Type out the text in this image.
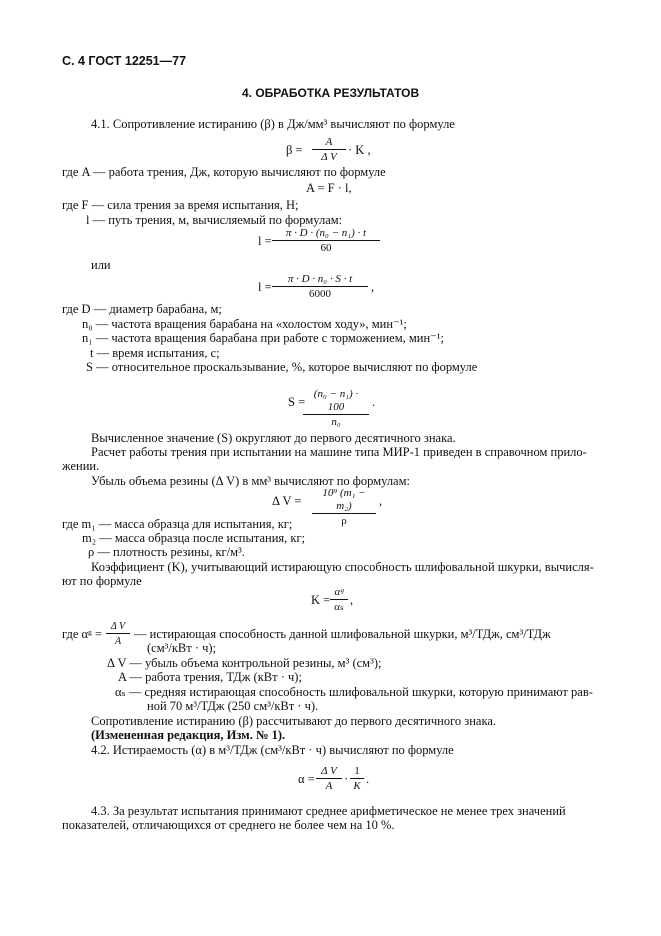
С. 4 ГОСТ 12251—77
4. ОБРАБОТКА РЕЗУЛЬТАТОВ
4.1. Сопротивление истиранию (β) в Дж/мм³ вычисляют по формуле
$\beta = \frac{A}{\text{Δ V}} \cdot K$ ,
где A — работа трения, Дж, которую вычисляют по формуле
A = F · l,
где F — сила трения за время испытания, Н;
l — путь трения, м, вычисляемый по формулам:
$l = \frac{\text{π · D · (n₀ − n₁) · t}}{60}$
или
$l = \frac{\text{π · D · n₀ · S · t}}{6000}$ ,
где D — диаметр барабана, м;
n₀ — частота вращения барабана на «холостом ходу», мин⁻¹;
n₁ — частота вращения барабана при работе с торможением, мин⁻¹;
t — время испытания, с;
S — относительное проскальзывание, %, которое вычисляют по формуле
S =
$\frac{\text{(n₀ − n₁) · 100}}{\text{n₀}}$ .
Вычисленное значение (S) округляют до первого десятичного знака.
Расчет работы трения при испытании на машине типа МИР-1 приведен в справочном прило-
жении.
Убыль объема резины (Δ V) в мм³ вычисляют по формулам:
Δ $V = \frac{\text{10⁹ (m₁ − m₂)}}{\rho}$ ,
где m₁ — масса образца для испытания, кг;
m₂ — масса образца после испытания, кг;
ρ — плотность резины, кг/м³.
Коэффициент (K), учитывающий истирающую способность шлифовальной шкурки, вычисля-
ют по формуле
$K = \frac{\text{αᵍ}}{\text{αₛ}}$ ,
где αᵍ = $\frac{\text{Δ V}}{A}$ — истирающая способность данной шлифовальной шкурки, м³/ТДж, см³/ТДж
(см³/кВт · ч);
Δ V — убыль объема контрольной резины, м³ (см³);
A — работа трения, ТДж (кВт · ч);
αₛ — средняя истирающая способность шлифовальной шкурки, которую принимают рав-
ной 70 м³/ТДж (250 см³/кВт · ч).
Сопротивление истиранию (β) рассчитывают до первого десятичного знака.
(Измененная редакция, Изм. № 1).
4.2. Истираемость (α) в м³/ТДж (см³/кВт · ч) вычисляют по формуле
$\alpha = \frac{\text{Δ V}}{A} \cdot \frac{1}{K}$ .
4.3. За результат испытания принимают среднее арифметическое не менее трех значений
показателей, отличающихся от среднего не более чем на 10 %.
